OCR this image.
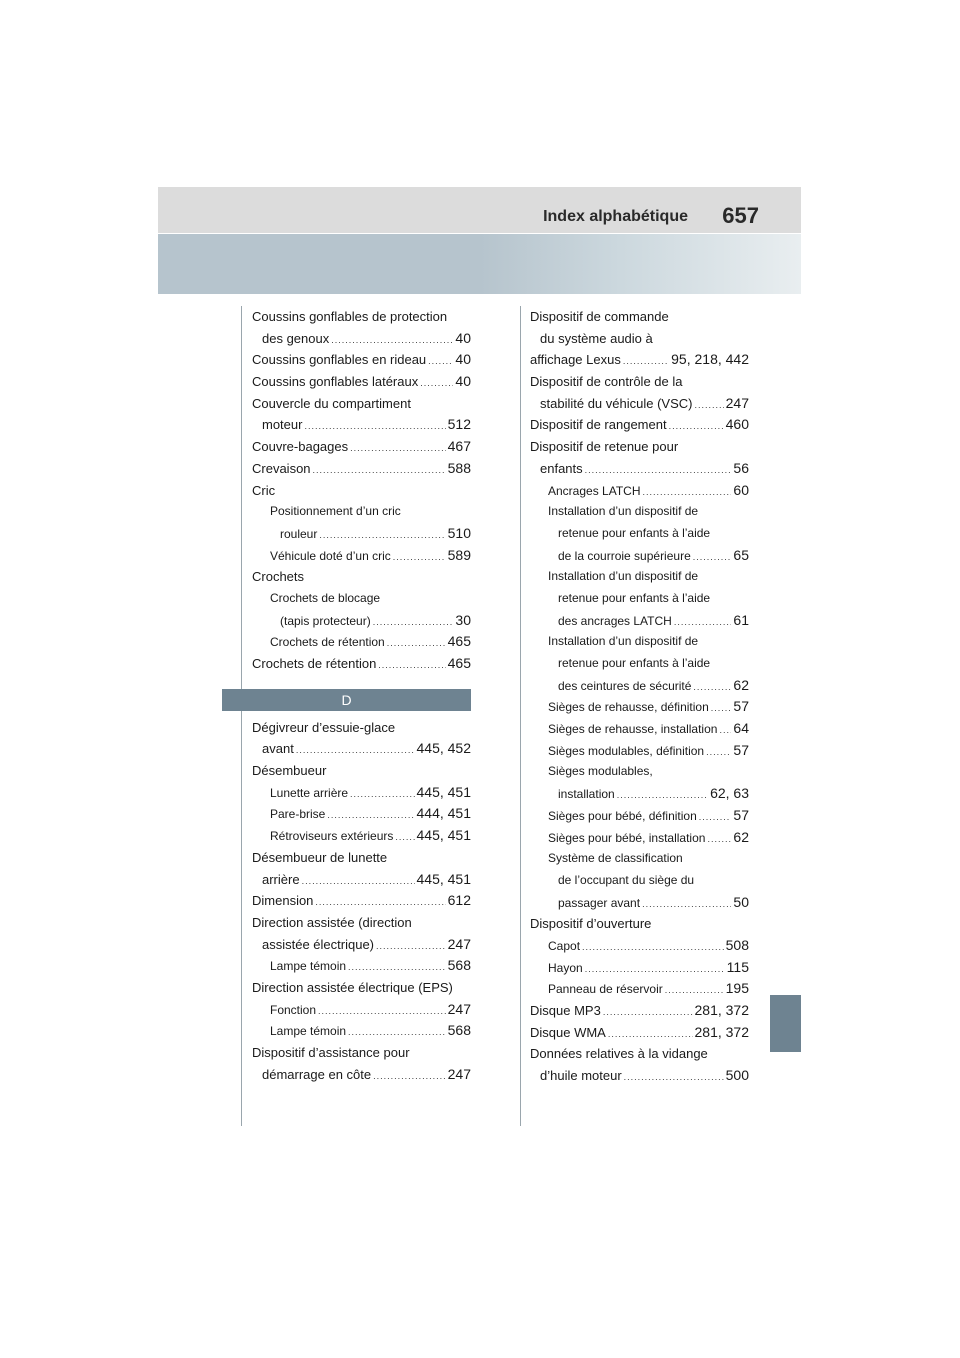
Index alphabétique 657
Coussins gonflables de protection
des genoux .....	40
Coussins gonflables en rideau ..... 40
Coussins gonflables latéraux .....	40
Couvercle du compartiment
moteur .....	512
Couvre-bagages .....	467
Crevaison .....	588
Cric
Positionnement d’un cric
rouleur .....	510
Véhicule doté d’un cric .....	589
Crochets
Crochets de blocage
(tapis protecteur) .....	30
Crochets de rétention .....	465
Crochets de rétention .....	465
D
Dégivreur d’essuie-glace
avant .....	445, 452
Désembueur
Lunette arrière .....	445, 451
Pare-brise .....	444, 451
Rétroviseurs extérieurs ..... 445, 451
Désembueur de lunette
arrière .....	445, 451
Dimension .....	612
Direction assistée (direction
assistée électrique) .....	247
Lampe témoin .....	568
Direction assistée électrique (EPS)
Fonction .....	247
Lampe témoin .....	568
Dispositif d’assistance pour
démarrage en côte .....	247
Dispositif de commande
du système audio à
affichage Lexus .....	95, 218, 442
Dispositif de contrôle de la
stabilité du véhicule (VSC) ..... 247
Dispositif de rangement .....	460
Dispositif de retenue pour
enfants .....	56
Ancrages LATCH .....	60
Installation d’un dispositif de
retenue pour enfants à l’aide
de la courroie supérieure .....	65
Installation d’un dispositif de
retenue pour enfants à l’aide
des ancrages LATCH .....	61
Installation d’un dispositif de
retenue pour enfants à l’aide
des ceintures de sécurité .....	62
Sièges de rehausse, définition ..... 57
Sièges de rehausse, installation ..... 64
Sièges modulables, définition ..... 57
Sièges modulables,
installation .....	62, 63
Sièges pour bébé, définition .....	57
Sièges pour bébé, installation ..... 62
Système de classification
de l’occupant du siège du
passager avant .....	50
Dispositif d’ouverture
Capot .....	508
Hayon .....	115
Panneau de réservoir .....	195
Disque MP3 .....	281, 372
Disque WMA .....	281, 372
Données relatives à la vidange
d’huile moteur .....	500
